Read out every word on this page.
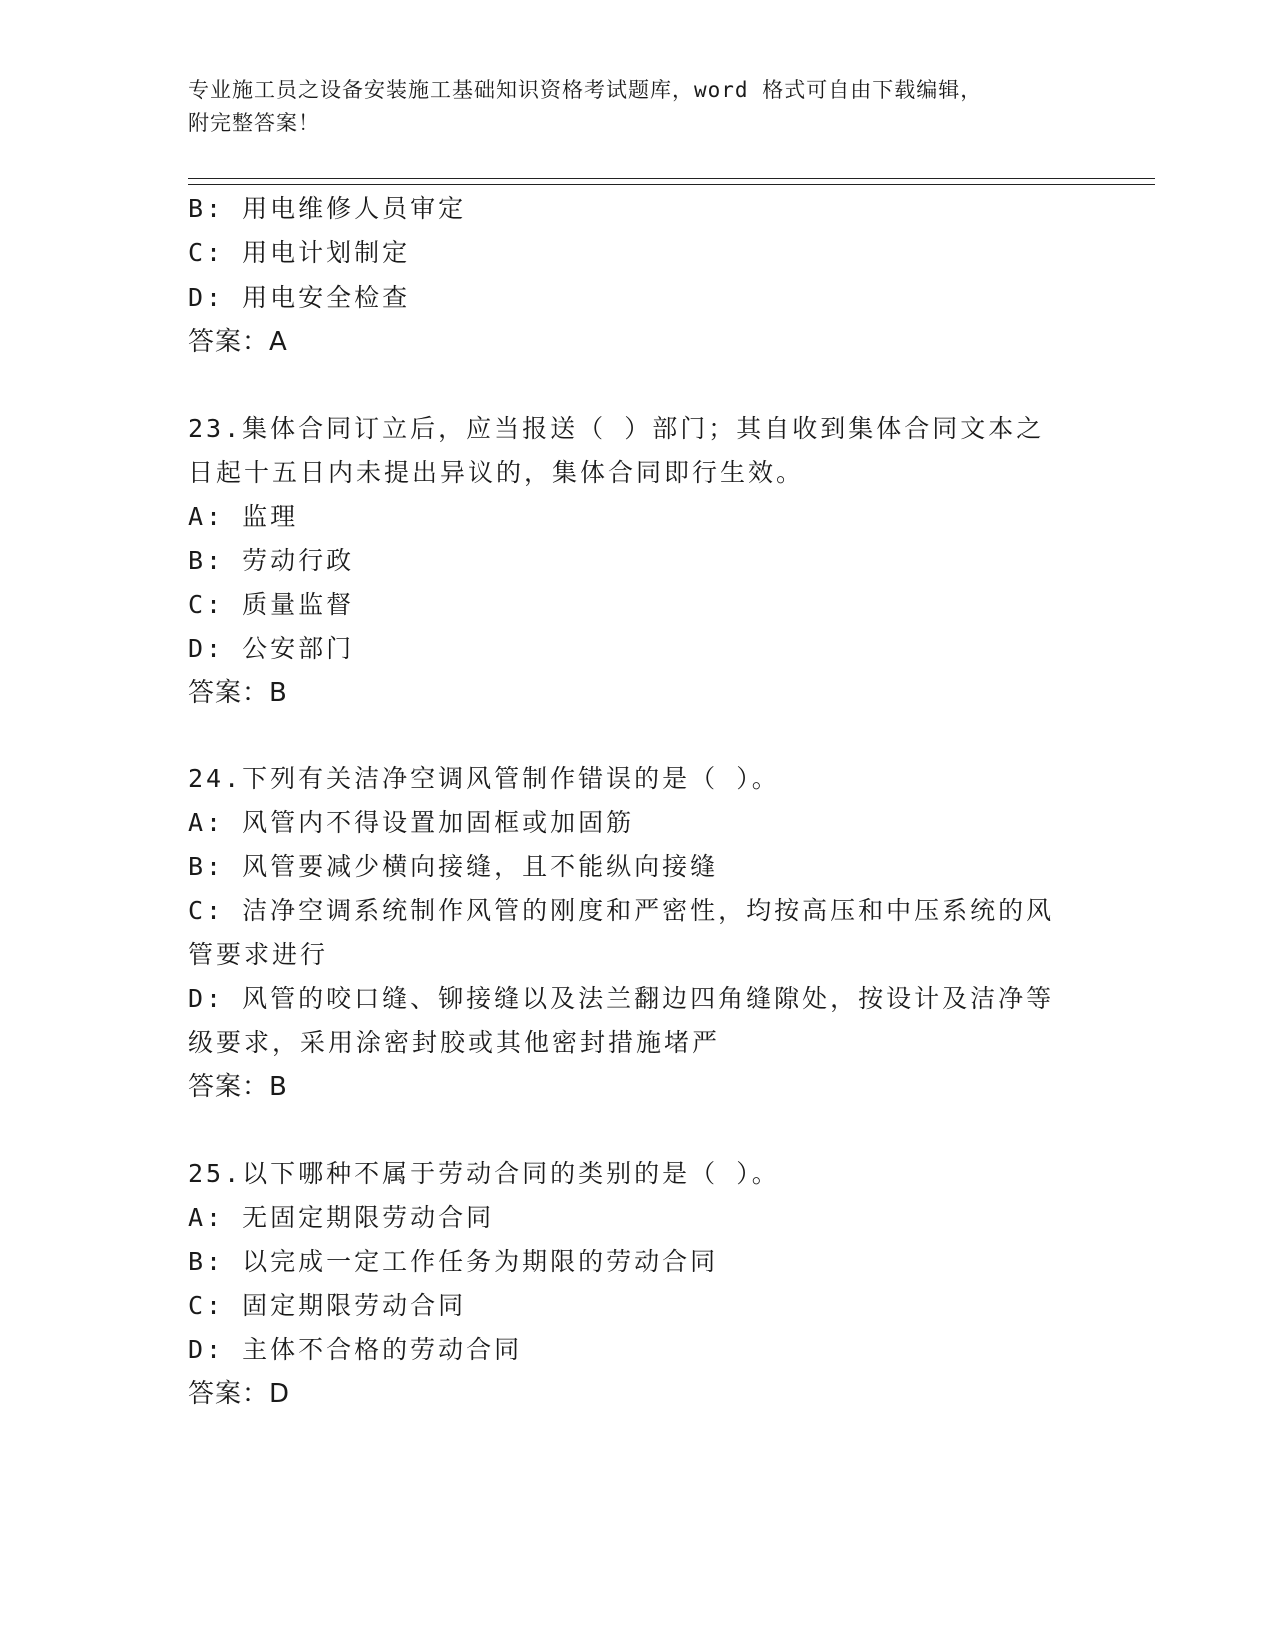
专业施工员之设备安装施工基础知识资格考试题库，word 格式可自由下载编辑，
附完整答案！
B: 用电维修人员审定
C: 用电计划制定
D: 用电安全检查
答案：A
23.集体合同订立后，应当报送（ ）部门；其自收到集体合同文本之
日起十五日内未提出异议的，集体合同即行生效。
A: 监理
B: 劳动行政
C: 质量监督
D: 公安部门
答案：B
24.下列有关洁净空调风管制作错误的是（ ）。
A: 风管内不得设置加固框或加固筋
B: 风管要减少横向接缝，且不能纵向接缝
C: 洁净空调系统制作风管的刚度和严密性，均按高压和中压系统的风
管要求进行
D: 风管的咬口缝、铆接缝以及法兰翻边四角缝隙处，按设计及洁净等
级要求，采用涂密封胶或其他密封措施堵严
答案：B
25.以下哪种不属于劳动合同的类别的是（ ）。
A: 无固定期限劳动合同
B: 以完成一定工作任务为期限的劳动合同
C: 固定期限劳动合同
D: 主体不合格的劳动合同
答案：D
